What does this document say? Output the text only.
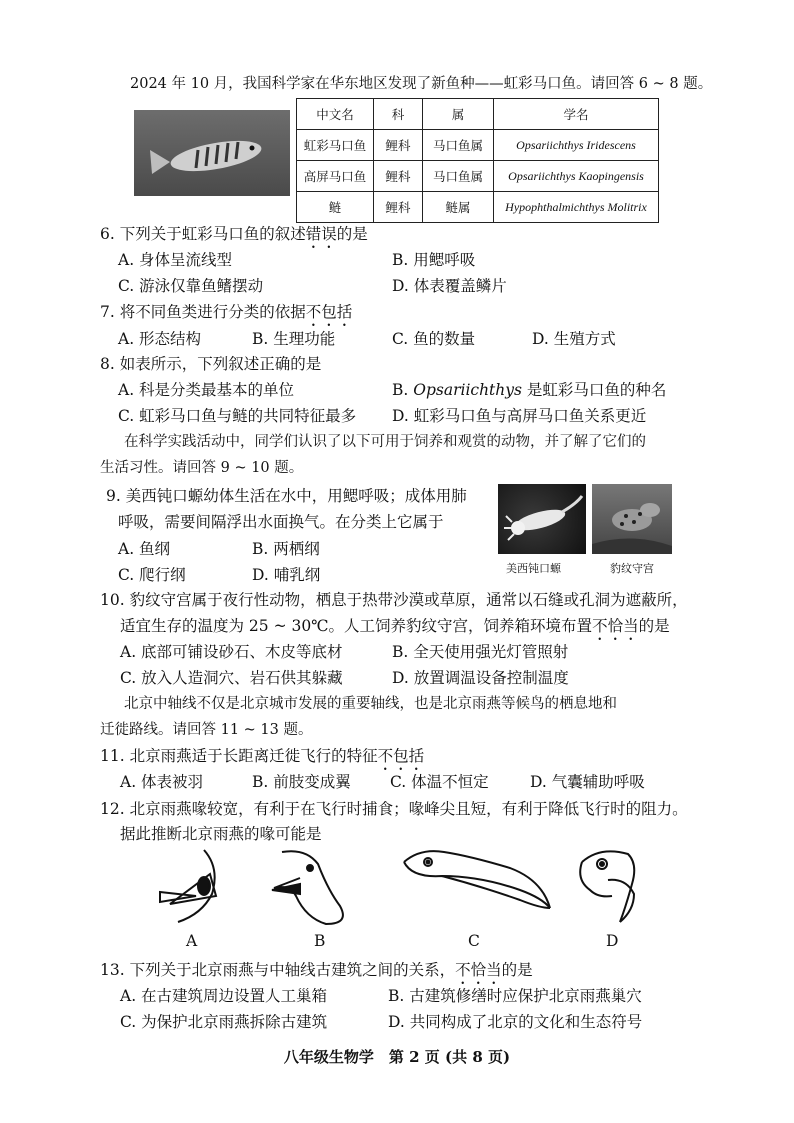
2024 年 10 月，我国科学家在华东地区发现了新鱼种——虹彩马口鱼。请回答 6 ~ 8 题。
中文名	科	属	学名
虹彩马口鱼	鲤科	马口鱼属	Opsariichthys Iridescens
高屏马口鱼	鲤科	马口鱼属	Opsariichthys Kaopingensis
鲢	鲤科	鲢属	Hypophthalmichthys Molitrix
6. 下列关于虹彩马口鱼的叙述错误的是
A. 身体呈流线型	B. 用鳃呼吸
C. 游泳仅靠鱼鳍摆动	D. 体表覆盖鳞片
7. 将不同鱼类进行分类的依据不包括
A. 形态结构	B. 生理功能	C. 鱼的数量	D. 生殖方式
8. 如表所示，下列叙述正确的是
A. 科是分类最基本的单位	B. Opsariichthys 是虹彩马口鱼的种名
C. 虹彩马口鱼与鲢的共同特征最多 D. 虹彩马口鱼与高屏马口鱼关系更近
在科学实践活动中，同学们认识了以下可用于饲养和观赏的动物，并了解了它们的
生活习性。请回答 9 ~ 10 题。
9. 美西钝口螈幼体生活在水中，用鳃呼吸；成体用肺
呼吸，需要间隔浮出水面换气。在分类上它属于
A. 鱼纲	B. 两栖纲
C. 爬行纲	D. 哺乳纲	美西钝口螈	豹纹守宫
10. 豹纹守宫属于夜行性动物，栖息于热带沙漠或草原，通常以石缝或孔洞为遮蔽所，
适宜生存的温度为 25 ~ 30℃。人工饲养豹纹守宫，饲养箱环境布置不恰当的是
A. 底部可铺设砂石、木皮等底材	B. 全天使用强光灯管照射
C. 放入人造洞穴、岩石供其躲藏	D. 放置调温设备控制温度
北京中轴线不仅是北京城市发展的重要轴线，也是北京雨燕等候鸟的栖息地和
迁徙路线。请回答 11 ~ 13 题。
11. 北京雨燕适于长距离迁徙飞行的特征不包括
A. 体表被羽	B. 前肢变成翼	C. 体温不恒定	D. 气囊辅助呼吸
12. 北京雨燕喙较宽，有利于在飞行时捕食；喙峰尖且短，有利于降低飞行时的阻力。
据此推断北京雨燕的喙可能是
A	B	C	D
13. 下列关于北京雨燕与中轴线古建筑之间的关系，不恰当的是
A. 在古建筑周边设置人工巢箱	B. 古建筑修缮时应保护北京雨燕巢穴
C. 为保护北京雨燕拆除古建筑	D. 共同构成了北京的文化和生态符号
八年级生物学　第 2 页 (共 8 页)
